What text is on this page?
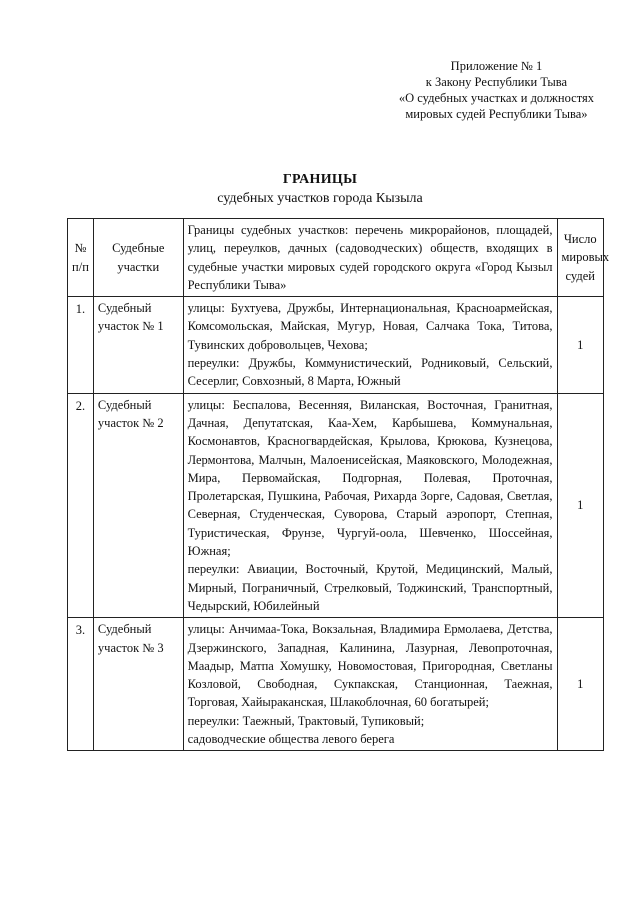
Приложение № 1
к Закону Республики Тыва
«О судебных участках и должностях
мировых судей Республики Тыва»
ГРАНИЦЫ
судебных участков города Кызыла
№ п/п	Судебные участки	Границы судебных участков: перечень микрорайонов, площадей, улиц, переулков, дачных (садоводческих) обществ, входящих в судебные участки мировых судей городского округа «Город Кызыл Республики Тыва»	Число мировых судей
1.	Судебный участок № 1	улицы: Бухтуева, Дружбы, Интернациональная, Красноармейская, Комсомольская, Майская, Мугур, Новая, Салчака Тока, Титова, Тувинских добровольцев, Чехова;
переулки: Дружбы, Коммунистический, Родниковый, Сельский, Сесерлиг, Совхозный, 8 Марта, Южный	1
2.	Судебный участок № 2	улицы: Беспалова, Весенняя, Виланская, Восточная, Гранитная, Дачная, Депутатская, Каа-Хем, Карбышева, Коммунальная, Космонавтов, Красногвардейская, Крылова, Крюкова, Кузнецова, Лермонтова, Малчын, Малоенисейская, Маяковского, Молодежная, Мира, Первомайская, Подгорная, Полевая, Проточная, Пролетарская, Пушкина, Рабочая, Рихарда Зорге, Садовая, Светлая, Северная, Студенческая, Суворова, Старый аэропорт, Степная, Туристическая, Фрунзе, Чургуй-оола, Шевченко, Шоссейная, Южная;
переулки: Авиации, Восточный, Крутой, Медицинский, Малый, Мирный, Пограничный, Стрелковый, Тоджинский, Транспортный, Чедырский, Юбилейный	1
3.	Судебный участок № 3	улицы: Анчимаа-Тока, Вокзальная, Владимира Ермолаева, Детства, Дзержинского, Западная, Калинина, Лазурная, Левопроточная, Маадыр, Матпа Хомушку, Новомостовая, Пригородная, Светланы Козловой, Свободная, Сукпакская, Станционная, Таежная, Торговая, Хайыраканская, Шлакоблочная, 60 богатырей;
переулки: Таежный, Трактовый, Тупиковый;
садоводческие общества левого берега	1
